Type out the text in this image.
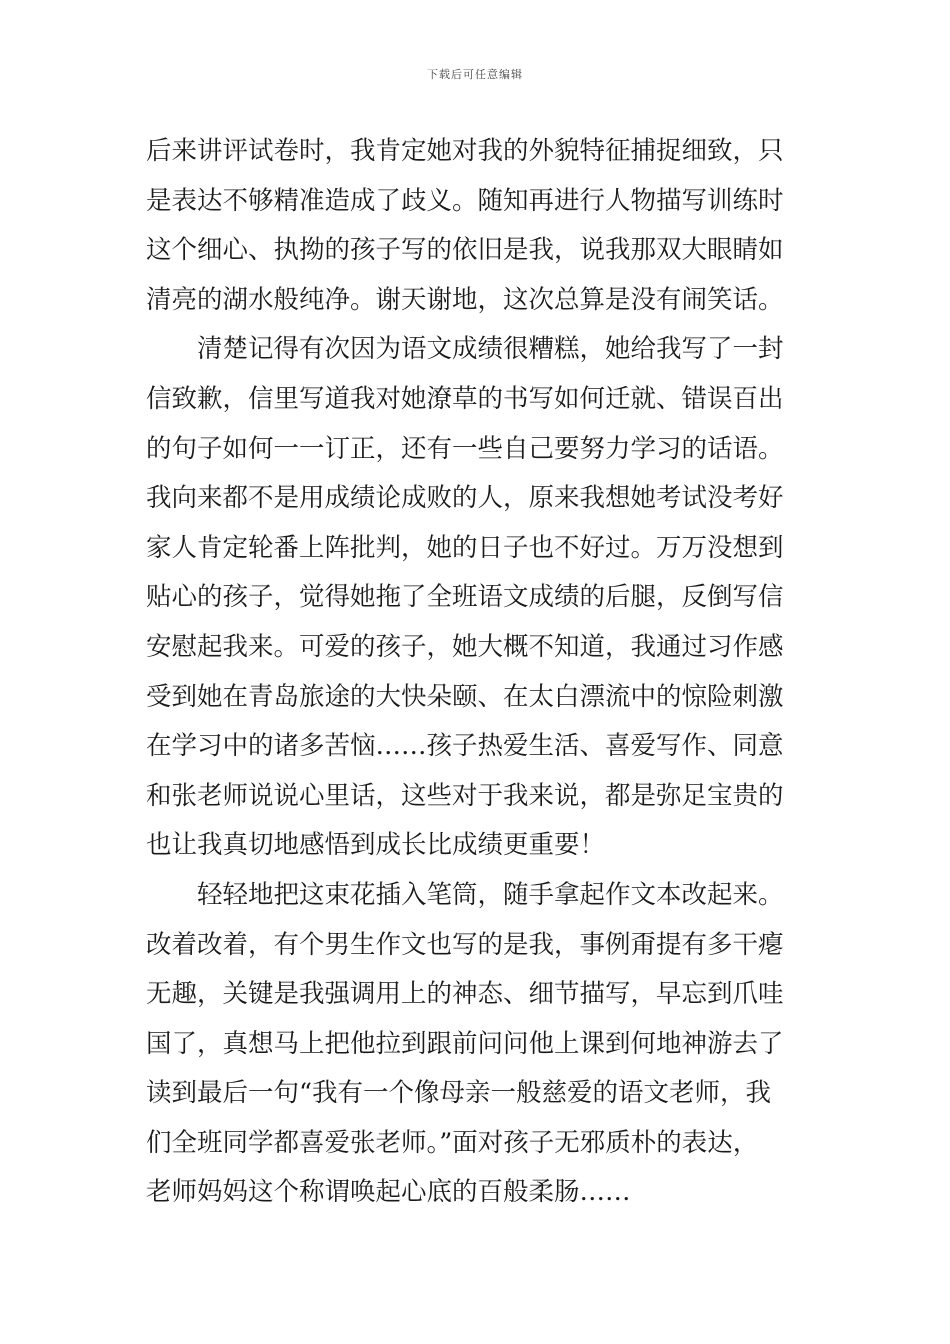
下载后可任意编辑
后来讲评试卷时，我肯定她对我的外貌特征捕捉细致，只
是表达不够精准造成了歧义。随知再进行人物描写训练时
这个细心、执拗的孩子写的依旧是我，说我那双大眼睛如
清亮的湖水般纯净。谢天谢地，这次总算是没有闹笑话。
清楚记得有次因为语文成绩很糟糕，她给我写了一封
信致歉，信里写道我对她潦草的书写如何迁就、错误百出
的句子如何一一订正，还有一些自己要努力学习的话语。
我向来都不是用成绩论成败的人，原来我想她考试没考好
家人肯定轮番上阵批判，她的日子也不好过。万万没想到
贴心的孩子，觉得她拖了全班语文成绩的后腿，反倒写信
安慰起我来。可爱的孩子，她大概不知道，我通过习作感
受到她在青岛旅途的大快朵颐、在太白漂流中的惊险刺激
在学习中的诸多苦恼……孩子热爱生活、喜爱写作、同意
和张老师说说心里话，这些对于我来说，都是弥足宝贵的
也让我真切地感悟到成长比成绩更重要！
轻轻地把这束花插入笔筒，随手拿起作文本改起来。
改着改着，有个男生作文也写的是我，事例甭提有多干瘪
无趣，关键是我强调用上的神态、细节描写，早忘到爪哇
国了，真想马上把他拉到跟前问问他上课到何地神游去了
读到最后一句“我有一个像母亲一般慈爱的语文老师，我
们全班同学都喜爱张老师。”面对孩子无邪质朴的表达，
老师妈妈这个称谓唤起心底的百般柔肠……
